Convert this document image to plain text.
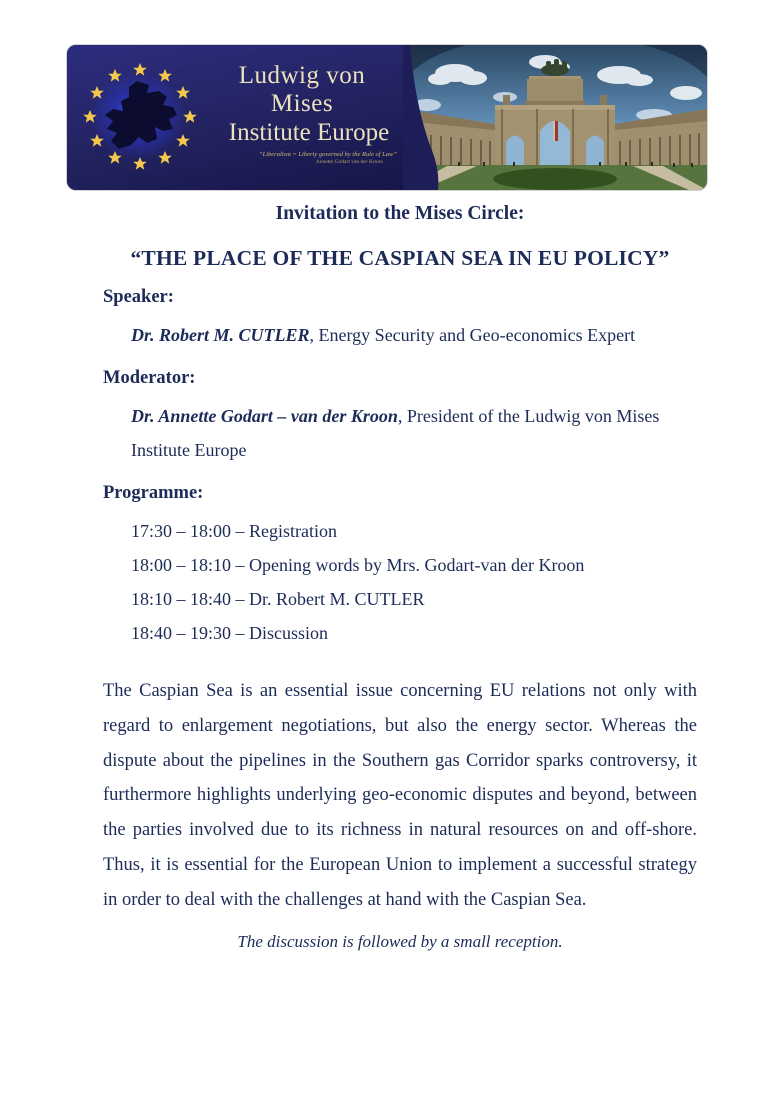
Ludwig von Mises
Institute Europe
“Liberalism = Liberty governed by the Rule of Law”
Annette Godart van der Kroon
Invitation to the Mises Circle:
“THE PLACE OF THE CASPIAN SEA IN EU POLICY”
Speaker:
Dr. Robert M. CUTLER, Energy Security and Geo-economics Expert
Moderator:
Dr. Annette Godart – van der Kroon, President of the Ludwig von Mises Institute Europe
Programme:
17:30 – 18:00 – Registration
18:00 – 18:10 – Opening words by Mrs. Godart-van der Kroon
18:10 – 18:40 – Dr. Robert M. CUTLER
18:40 – 19:30 – Discussion

The Caspian Sea is an essential issue concerning EU relations not only with regard to enlargement negotiations, but also the energy sector. Whereas the dispute about the pipelines in the Southern gas Corridor sparks controversy, it furthermore highlights underlying geo-economic disputes and beyond, between the parties involved due to its richness in natural resources on and off-shore. Thus, it is essential for the European Union to implement a successful strategy in order to deal with the challenges at hand with the Caspian Sea.

The discussion is followed by a small reception.
